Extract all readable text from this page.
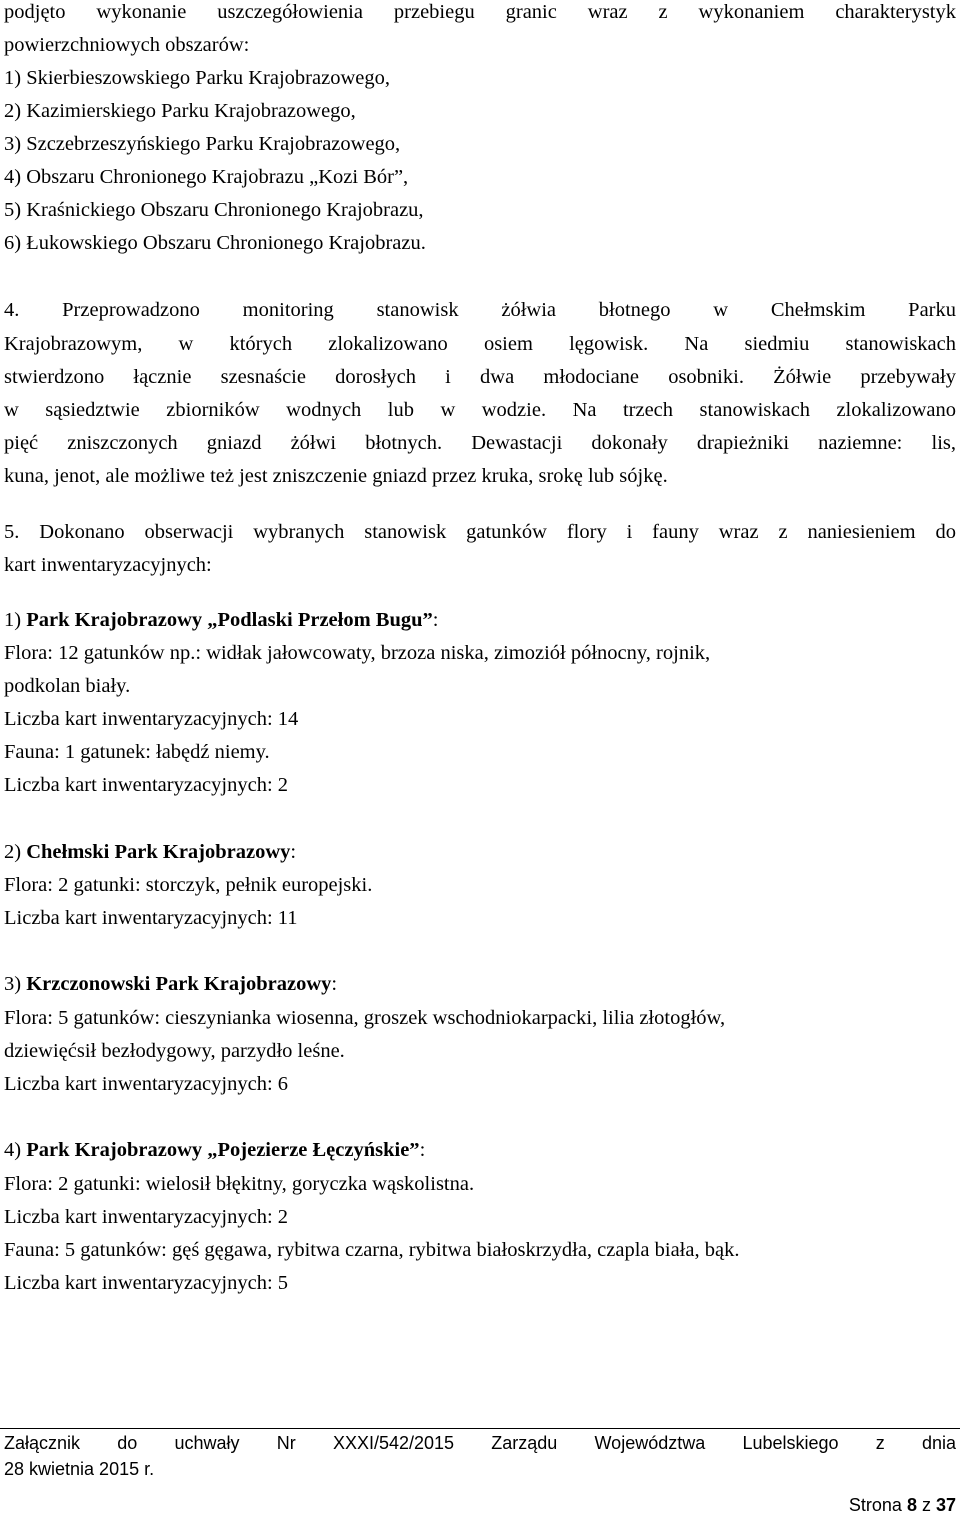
podjęto wykonanie uszczegółowienia przebiegu granic wraz z wykonaniem charakterystyk
powierzchniowych obszarów:
1) Skierbieszowskiego Parku Krajobrazowego,
2) Kazimierskiego Parku Krajobrazowego,
3) Szczebrzeszyńskiego Parku Krajobrazowego,
4) Obszaru Chronionego Krajobrazu „Kozi Bór”,
5) Kraśnickiego Obszaru Chronionego Krajobrazu,
6) Łukowskiego Obszaru Chronionego Krajobrazu.
4. Przeprowadzono monitoring stanowisk żółwia błotnego w Chełmskim Parku
Krajobrazowym, w których zlokalizowano osiem lęgowisk. Na siedmiu stanowiskach
stwierdzono łącznie szesnaście dorosłych i dwa młodociane osobniki. Żółwie przebywały
w sąsiedztwie zbiorników wodnych lub w wodzie. Na trzech stanowiskach zlokalizowano
pięć zniszczonych gniazd żółwi błotnych. Dewastacji dokonały drapieżniki naziemne: lis,
kuna, jenot, ale możliwe też jest zniszczenie gniazd przez kruka, srokę lub sójkę.
5. Dokonano obserwacji wybranych stanowisk gatunków flory i fauny wraz z naniesieniem do
kart inwentaryzacyjnych:
1) Park Krajobrazowy „Podlaski Przełom Bugu”:
Flora: 12 gatunków np.: widłak jałowcowaty, brzoza niska, zimoziół północny, rojnik,
podkolan biały.
Liczba kart inwentaryzacyjnych: 14
Fauna: 1 gatunek: łabędź niemy.
Liczba kart inwentaryzacyjnych: 2
2) Chełmski Park Krajobrazowy:
Flora: 2 gatunki: storczyk, pełnik europejski.
Liczba kart inwentaryzacyjnych: 11
3) Krzczonowski Park Krajobrazowy:
Flora: 5 gatunków: cieszynianka wiosenna, groszek wschodniokarpacki, lilia złotogłów,
dziewięćsił bezłodygowy, parzydło leśne.
Liczba kart inwentaryzacyjnych: 6
4) Park Krajobrazowy „Pojezierze Łęczyńskie”:
Flora: 2 gatunki: wielosił błękitny, goryczka wąskolistna.
Liczba kart inwentaryzacyjnych: 2
Fauna: 5 gatunków: gęś gęgawa, rybitwa czarna, rybitwa białoskrzydła, czapla biała, bąk.
Liczba kart inwentaryzacyjnych: 5
Załącznik do uchwały Nr XXXI/542/2015 Zarządu Województwa Lubelskiego z dnia
28 kwietnia 2015 r.
Strona 8 z 37
